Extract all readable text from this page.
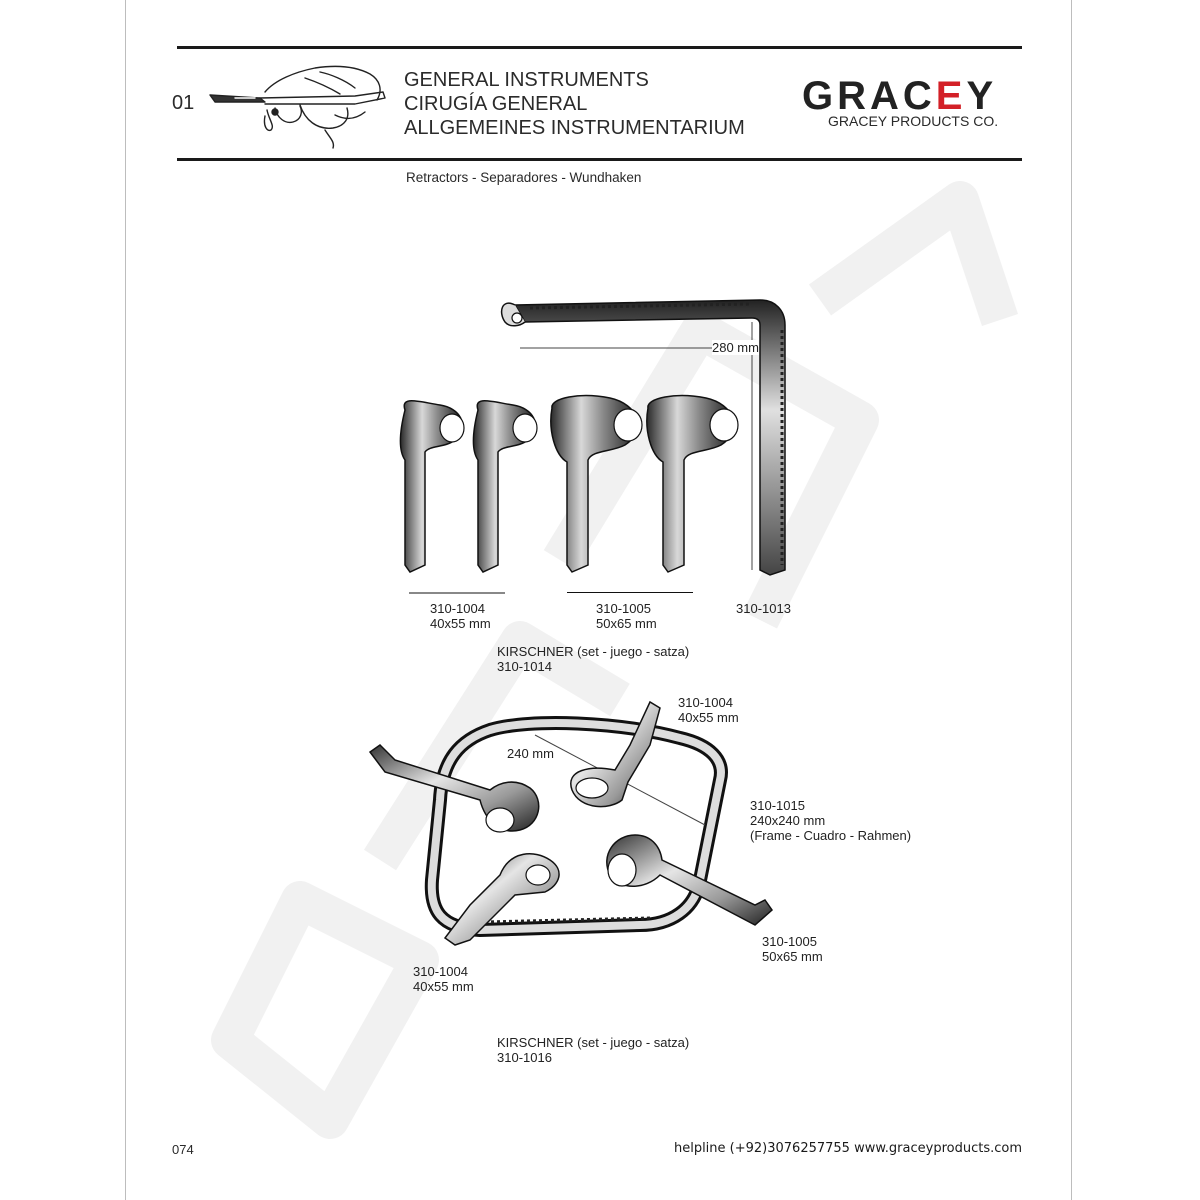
01
GENERAL INSTRUMENTS
CIRUGÍA GENERAL
ALLGEMEINES INSTRUMENTARIUM
GRACEY
GRACEY PRODUCTS CO.
Retractors - Separadores - Wundhaken
280 mm
310-1004
40x55 mm
310-1005
50x65 mm
310-1013
KIRSCHNER (set - juego - satza)
310-1014
240 mm
310-1004
40x55 mm
310-1015
240x240 mm
(Frame - Cuadro - Rahmen)
310-1005
50x65 mm
310-1004
40x55 mm
KIRSCHNER (set - juego - satza)
310-1016
074	helpline (+92)3076257755 www.graceyproducts.com
